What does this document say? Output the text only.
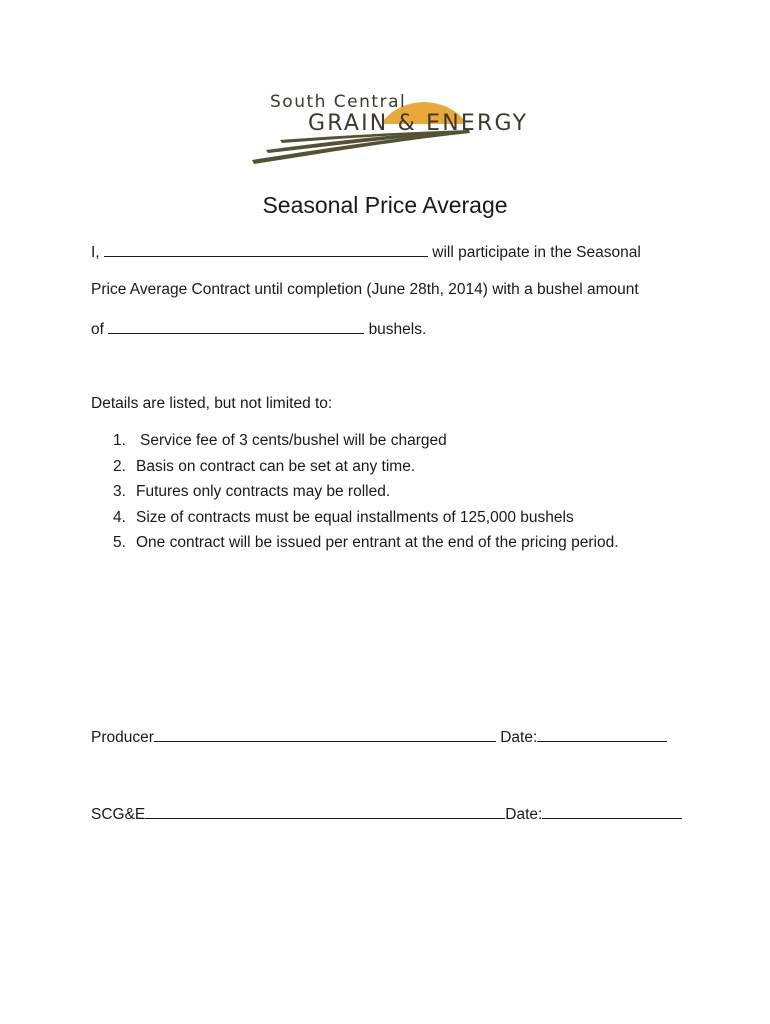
South Central
GRAIN & ENERGY
Seasonal Price Average
I,	will participate in the Seasonal
Price Average Contract until completion (June 28th, 2014) with a bushel amount
of	bushels.
Details are listed, but not limited to:
1. Service fee of 3 cents/bushel will be charged
2. Basis on contract can be set at any time.
3. Futures only contracts may be rolled.
4. Size of contracts must be equal installments of 125,000 bushels
5. One contract will be issued per entrant at the end of the pricing period.
Producer	Date:
SCG&E	Date:
